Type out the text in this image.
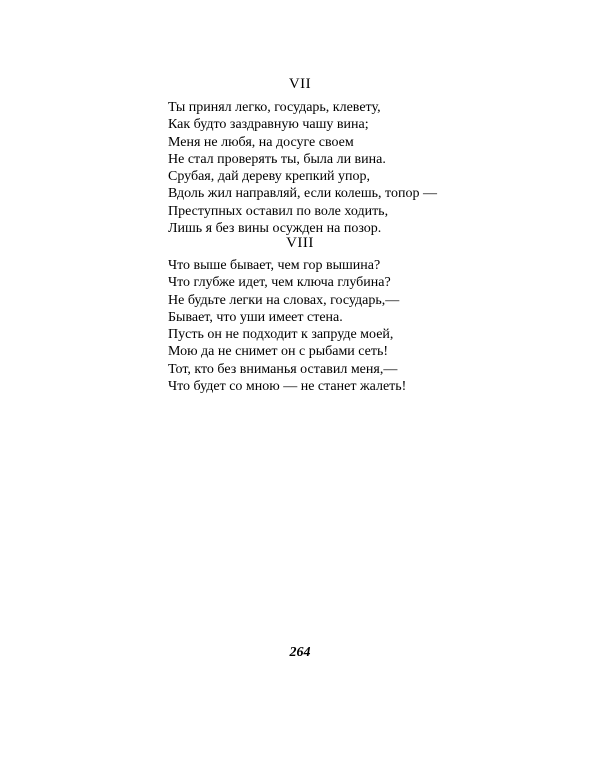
VII
Ты принял легко, государь, клевету,
Как будто заздравную чашу вина;
Меня не любя, на досуге своем
Не стал проверять ты, была ли вина.
Срубая, дай дереву крепкий упор,
Вдоль жил направляй, если колешь, топор —
Преступных оставил по воле ходить,
Лишь я без вины осужден на позор.
VIII
Что выше бывает, чем гор вышина?
Что глубже идет, чем ключа глубина?
Не будьте легки на словах, государь,—
Бывает, что уши имеет стена.
Пусть он не подходит к запруде моей,
Мою да не снимет он с рыбами сеть!
Тот, кто без вниманья оставил меня,—
Что будет со мною — не станет жалеть!
264
